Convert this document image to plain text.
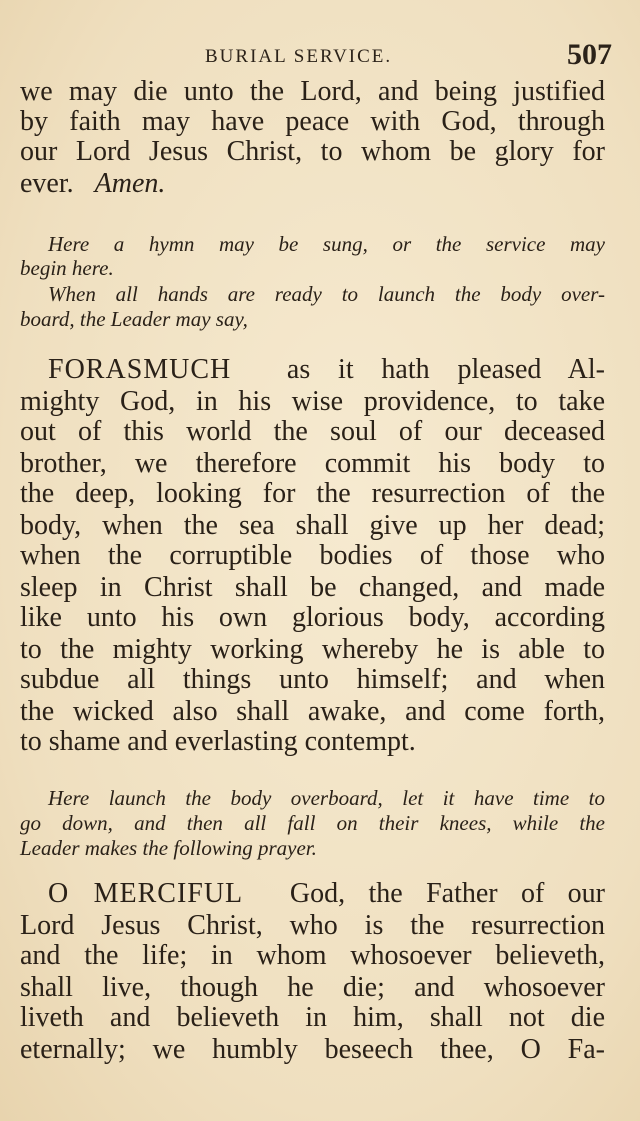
BURIAL SERVICE.	507
we may die unto the Lord, and being justified
by faith may have peace with God, through
our Lord Jesus Christ, to whom be glory for
ever. Amen.
Here a hymn may be sung, or the service may
begin here.
When all hands are ready to launch the body over-
board, the Leader may say,
FORASMUCH as it hath pleased Al-
mighty God, in his wise providence, to take
out of this world the soul of our deceased
brother, we therefore commit his body to
the deep, looking for the resurrection of the
body, when the sea shall give up her dead;
when the corruptible bodies of those who
sleep in Christ shall be changed, and made
like unto his own glorious body, according
to the mighty working whereby he is able to
subdue all things unto himself; and when
the wicked also shall awake, and come forth,
to shame and everlasting contempt.
Here launch the body overboard, let it have time to
go down, and then all fall on their knees, while the
Leader makes the following prayer.
O MERCIFUL God, the Father of our
Lord Jesus Christ, who is the resurrection
and the life; in whom whosoever believeth,
shall live, though he die; and whosoever
liveth and believeth in him, shall not die
eternally; we humbly beseech thee, O Fa-
